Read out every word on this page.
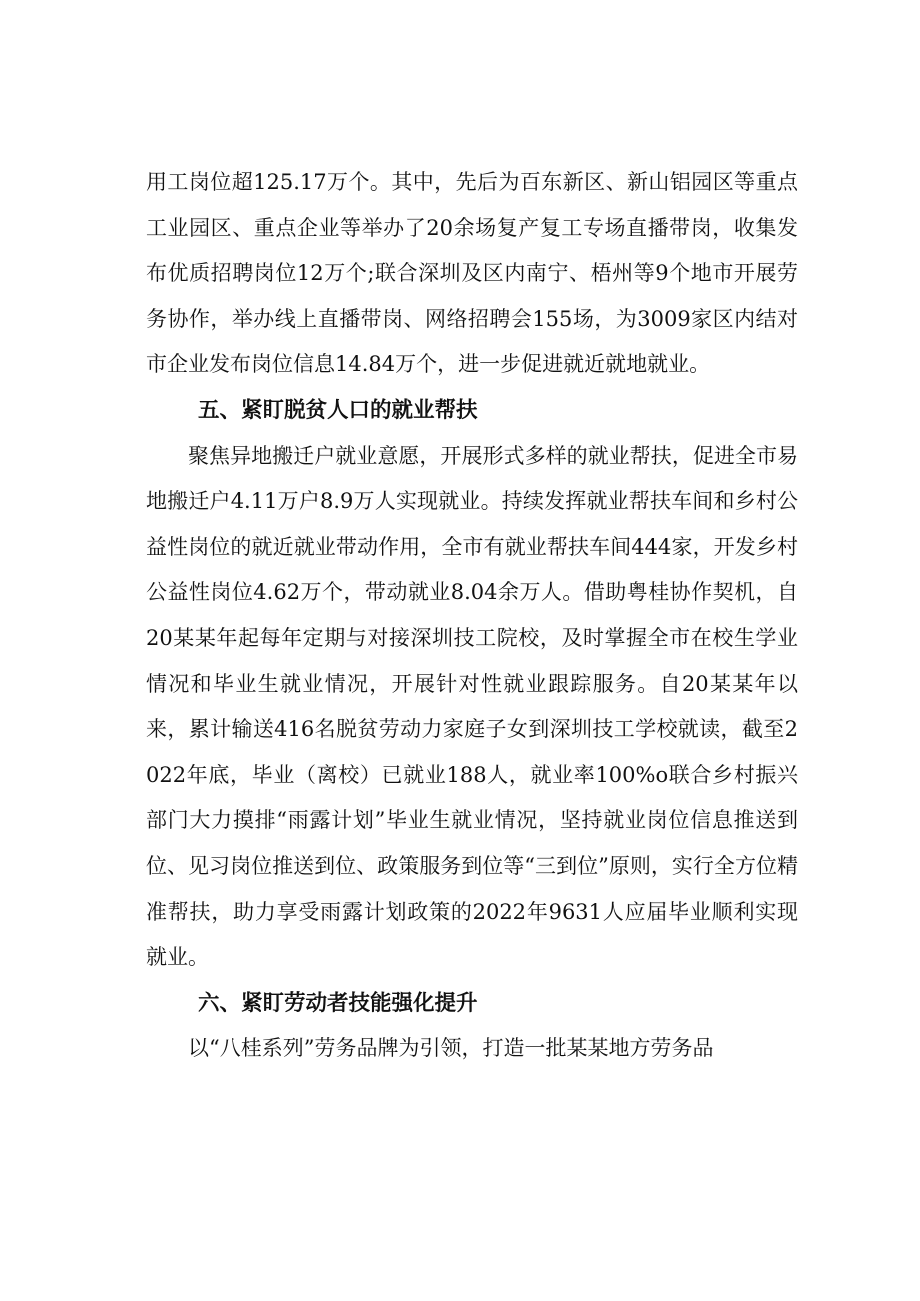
用工岗位超125.17万个。其中，先后为百东新区、新山铝园区等重点工业园区、重点企业等举办了20余场复产复工专场直播带岗，收集发布优质招聘岗位12万个;联合深圳及区内南宁、梧州等9个地市开展劳务协作，举办线上直播带岗、网络招聘会155场，为3009家区内结对市企业发布岗位信息14.84万个，进一步促进就近就地就业。

五、紧盯脱贫人口的就业帮扶

聚焦异地搬迁户就业意愿，开展形式多样的就业帮扶，促进全市易地搬迁户4.11万户8.9万人实现就业。持续发挥就业帮扶车间和乡村公益性岗位的就近就业带动作用，全市有就业帮扶车间444家，开发乡村公益性岗位4.62万个，带动就业8.04余万人。借助粤桂协作契机，自20某某年起每年定期与对接深圳技工院校，及时掌握全市在校生学业情况和毕业生就业情况，开展针对性就业跟踪服务。自20某某年以来，累计输送416名脱贫劳动力家庭子女到深圳技工学校就读，截至2022年底，毕业（离校）已就业188人，就业率100%o联合乡村振兴部门大力摸排“雨露计划”毕业生就业情况，坚持就业岗位信息推送到位、见习岗位推送到位、政策服务到位等“三到位”原则，实行全方位精准帮扶，助力享受雨露计划政策的2022年9631人应届毕业顺利实现就业。

六、紧盯劳动者技能强化提升

以“八桂系列”劳务品牌为引领，打造一批某某地方劳务品
